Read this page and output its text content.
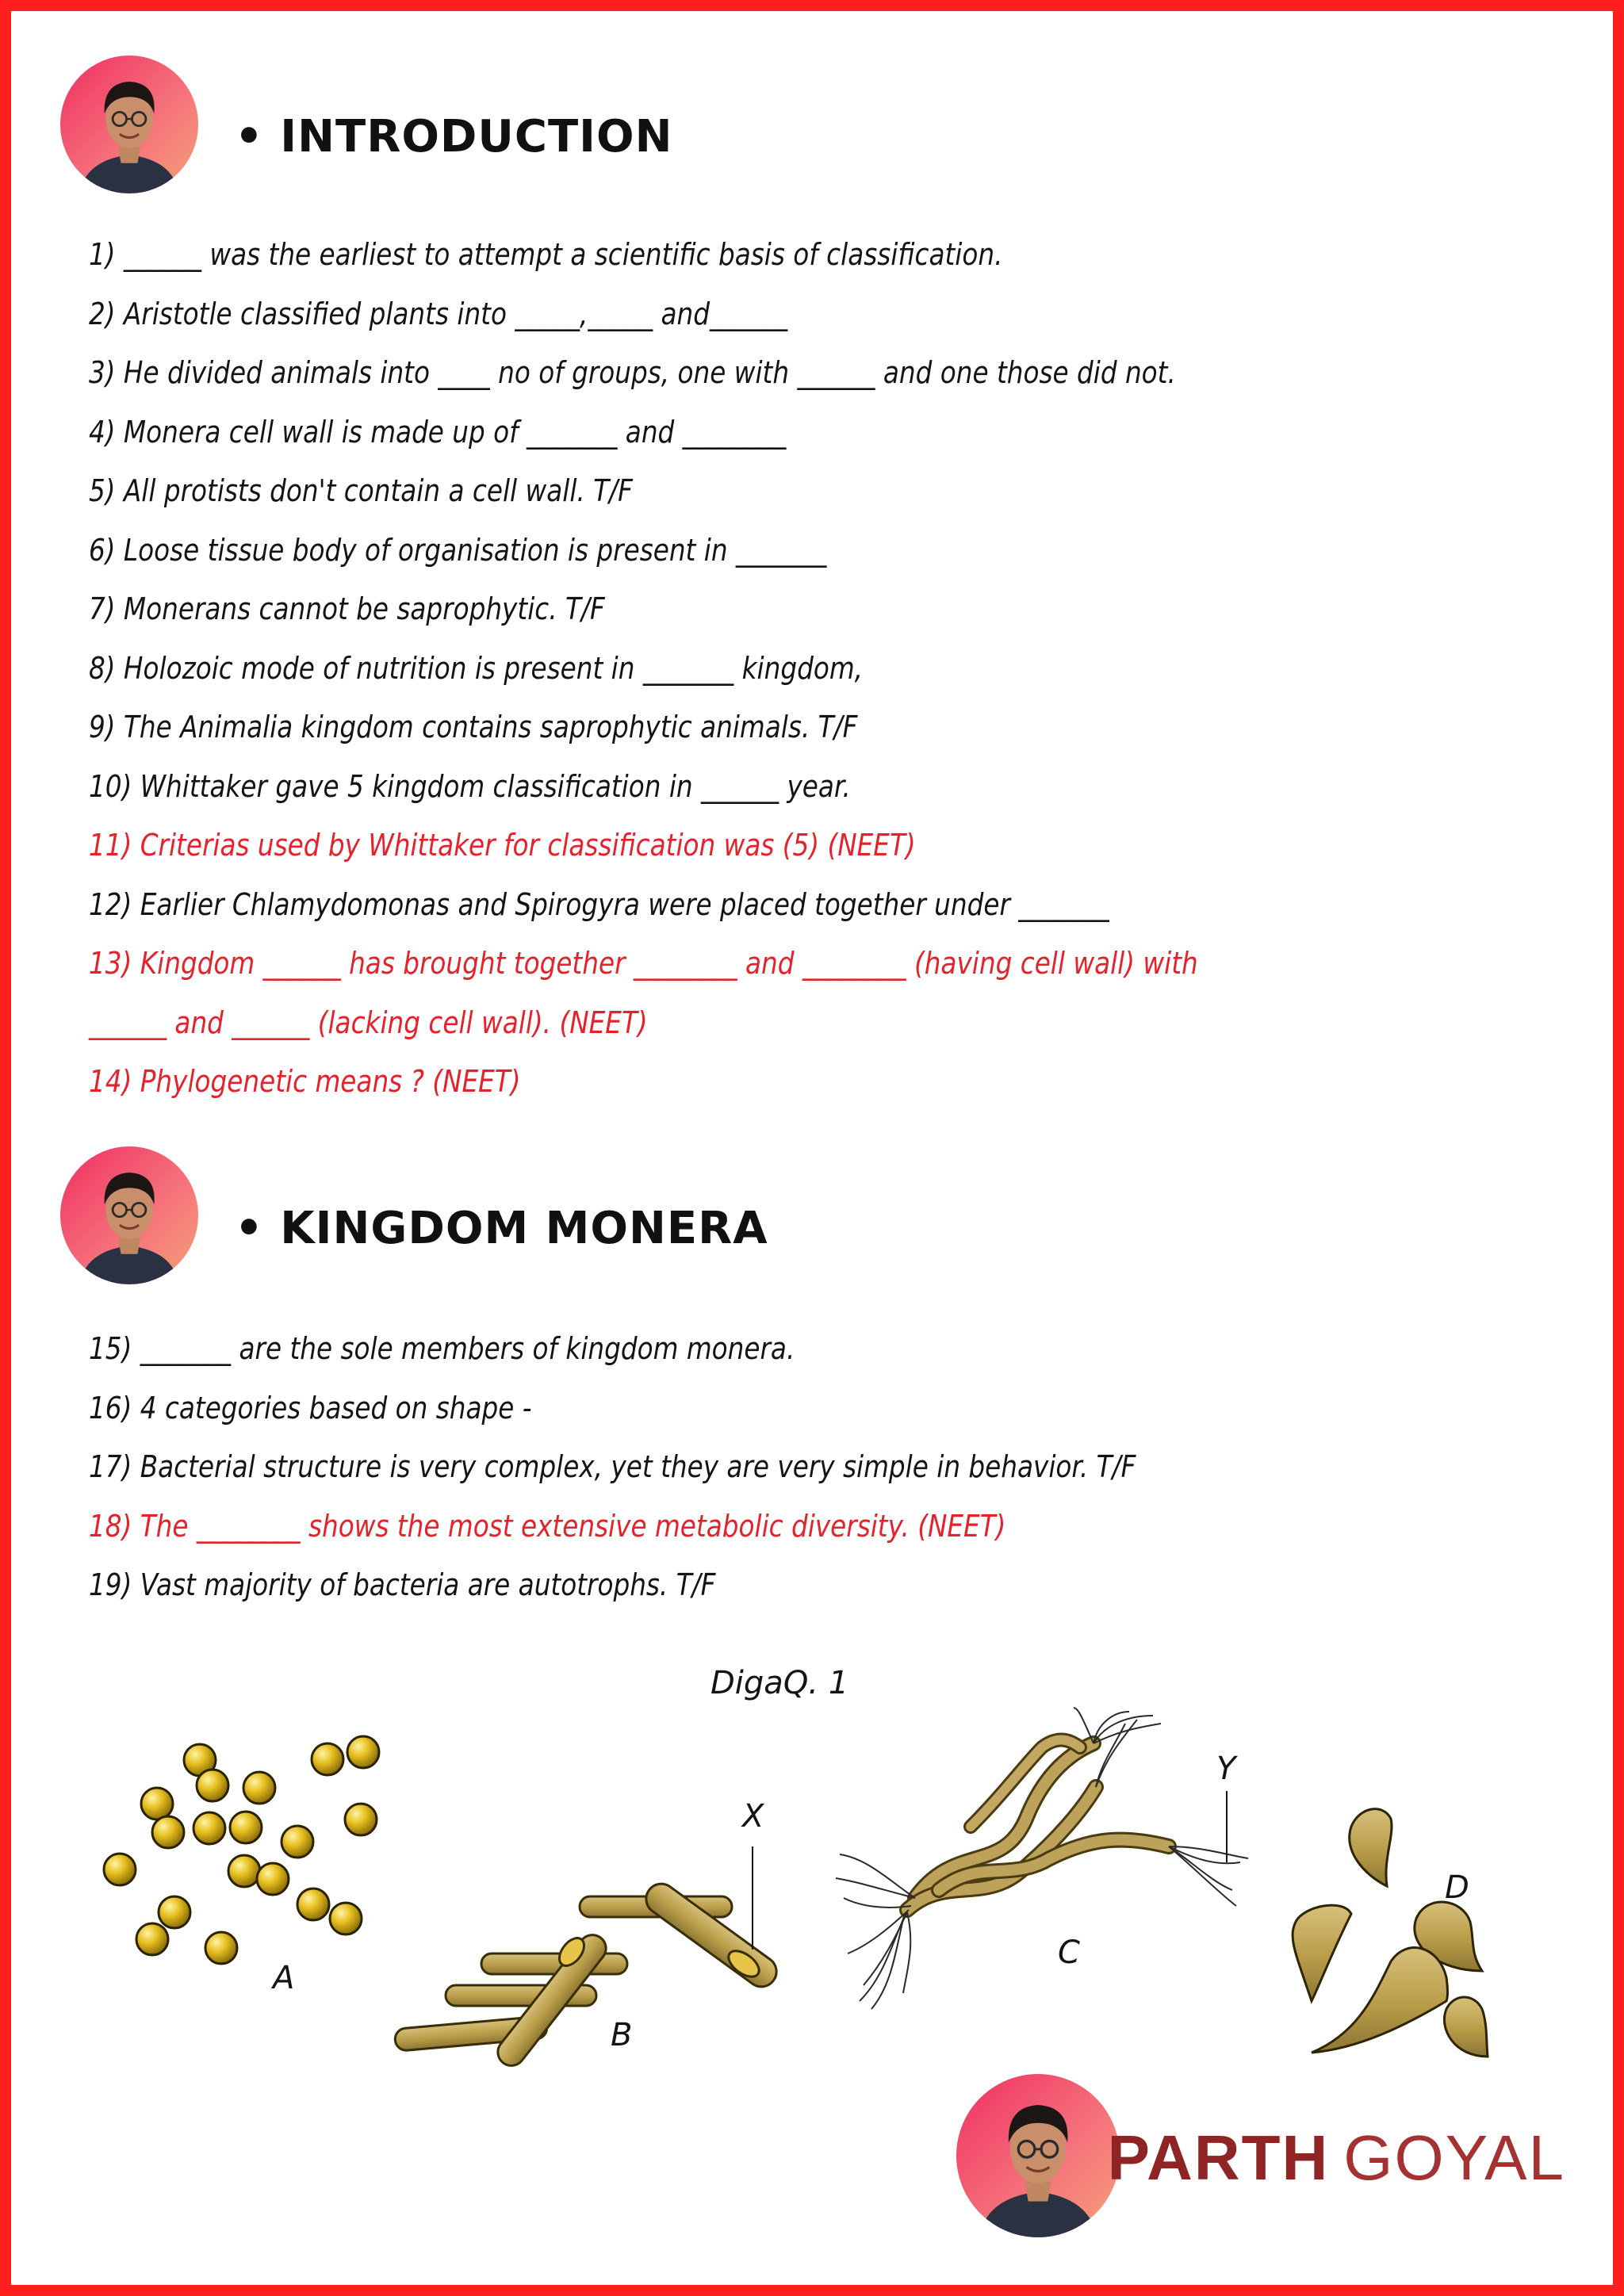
• INTRODUCTION
1) ______ was the earliest to attempt a scientific basis of classification.
2) Aristotle classified plants into _____,_____ and______
3) He divided animals into ____ no of groups, one with ______ and one those did not.
4) Monera cell wall is made up of _______ and ________
5) All protists don't contain a cell wall. T/F
6) Loose tissue body of organisation is present in _______
7) Monerans cannot be saprophytic. T/F
8) Holozoic mode of nutrition is present in _______ kingdom,
9) The Animalia kingdom contains saprophytic animals. T/F
10) Whittaker gave 5 kingdom classification in ______ year.
11) Criterias used by Whittaker for classification was (5) (NEET)
12) Earlier Chlamydomonas and Spirogyra were placed together under _______
13) Kingdom ______ has brought together ________ and ________ (having cell wall) with
______ and ______ (lacking cell wall). (NEET)
14) Phylogenetic means ? (NEET)
• KINGDOM MONERA
15) _______ are the sole members of kingdom monera.
16) 4 categories based on shape -
17) Bacterial structure is very complex, yet they are very simple in behavior. T/F
18) The ________ shows the most extensive metabolic diversity. (NEET)
19) Vast majority of bacteria are autotrophs. T/F
DigaQ. 1
A
B
X
Y
C
D
PARTH GOYAL
